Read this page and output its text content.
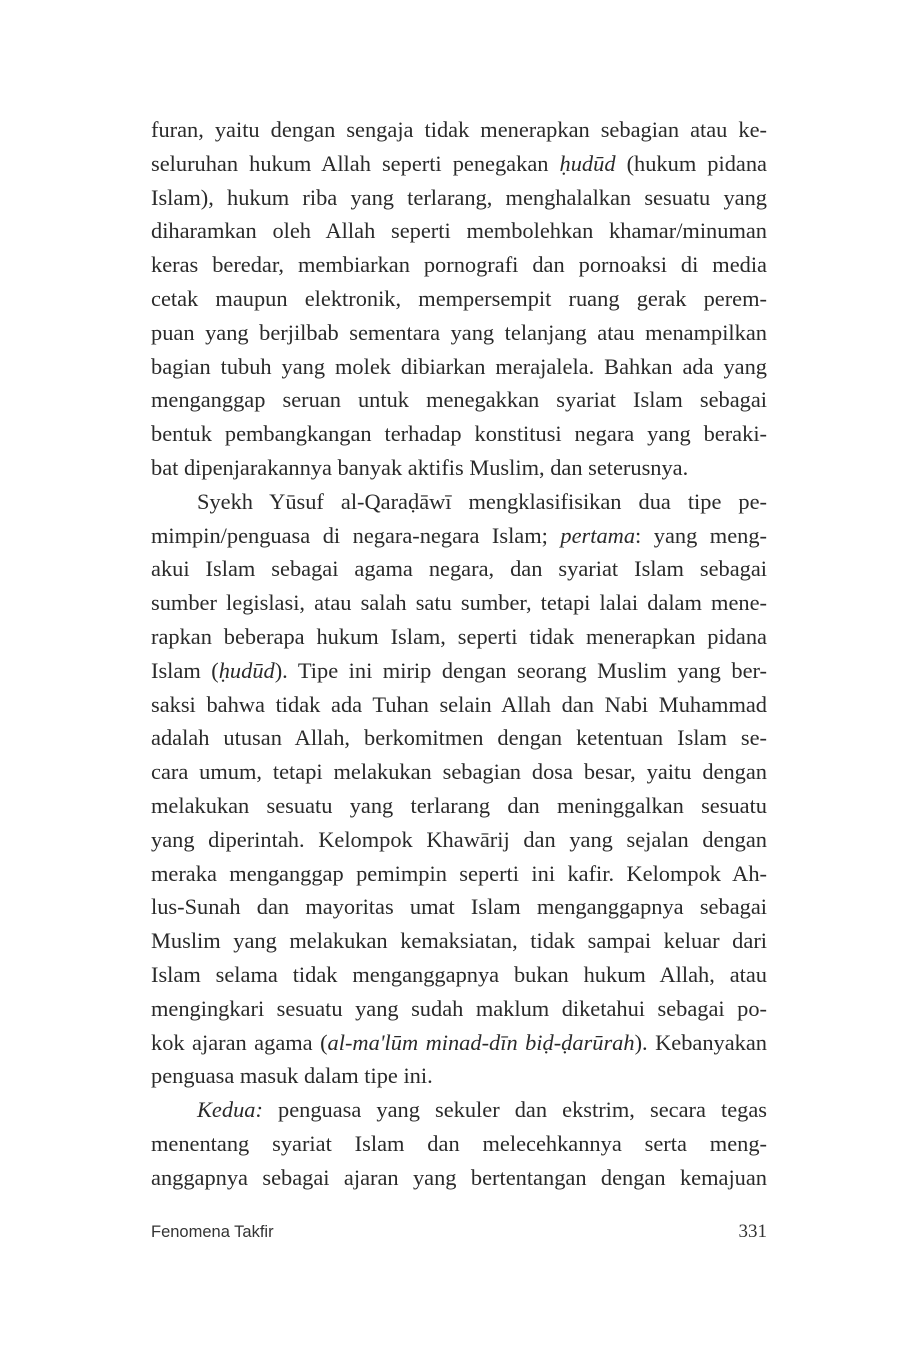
furan, yaitu dengan sengaja tidak menerapkan sebagian atau ke-
seluruhan hukum Allah seperti penegakan ḥudūd (hukum pidana
Islam), hukum riba yang terlarang, menghalalkan sesuatu yang
diharamkan oleh Allah seperti membolehkan khamar/minuman
keras beredar, membiarkan pornografi dan pornoaksi di media
cetak maupun elektronik, mempersempit ruang gerak perem-
puan yang berjilbab sementara yang telanjang atau menampilkan
bagian tubuh yang molek dibiarkan merajalela. Bahkan ada yang
menganggap seruan untuk menegakkan syariat Islam sebagai
bentuk pembangkangan terhadap konstitusi negara yang beraki-
bat dipenjarakannya banyak aktifis Muslim, dan seterusnya.
Syekh Yūsuf al-Qaraḍāwī mengklasifisikan dua tipe pe-
mimpin/penguasa di negara-negara Islam; pertama: yang meng-
akui Islam sebagai agama negara, dan syariat Islam sebagai
sumber legislasi, atau salah satu sumber, tetapi lalai dalam mene-
rapkan beberapa hukum Islam, seperti tidak menerapkan pidana
Islam (ḥudūd). Tipe ini mirip dengan seorang Muslim yang ber-
saksi bahwa tidak ada Tuhan selain Allah dan Nabi Muhammad
adalah utusan Allah, berkomitmen dengan ketentuan Islam se-
cara umum, tetapi melakukan sebagian dosa besar, yaitu dengan
melakukan sesuatu yang terlarang dan meninggalkan sesuatu
yang diperintah. Kelompok Khawārij dan yang sejalan dengan
meraka menganggap pemimpin seperti ini kafir. Kelompok Ah-
lus-Sunah dan mayoritas umat Islam menganggapnya sebagai
Muslim yang melakukan kemaksiatan, tidak sampai keluar dari
Islam selama tidak menganggapnya bukan hukum Allah, atau
mengingkari sesuatu yang sudah maklum diketahui sebagai po-
kok ajaran agama (al-ma'lūm minad-dīn biḍ-ḍarūrah). Kebanyakan
penguasa masuk dalam tipe ini.
Kedua: penguasa yang sekuler dan ekstrim, secara tegas
menentang syariat Islam dan melecehkannya serta meng-
anggapnya sebagai ajaran yang bertentangan dengan kemajuan
Fenomena Takfir	331
